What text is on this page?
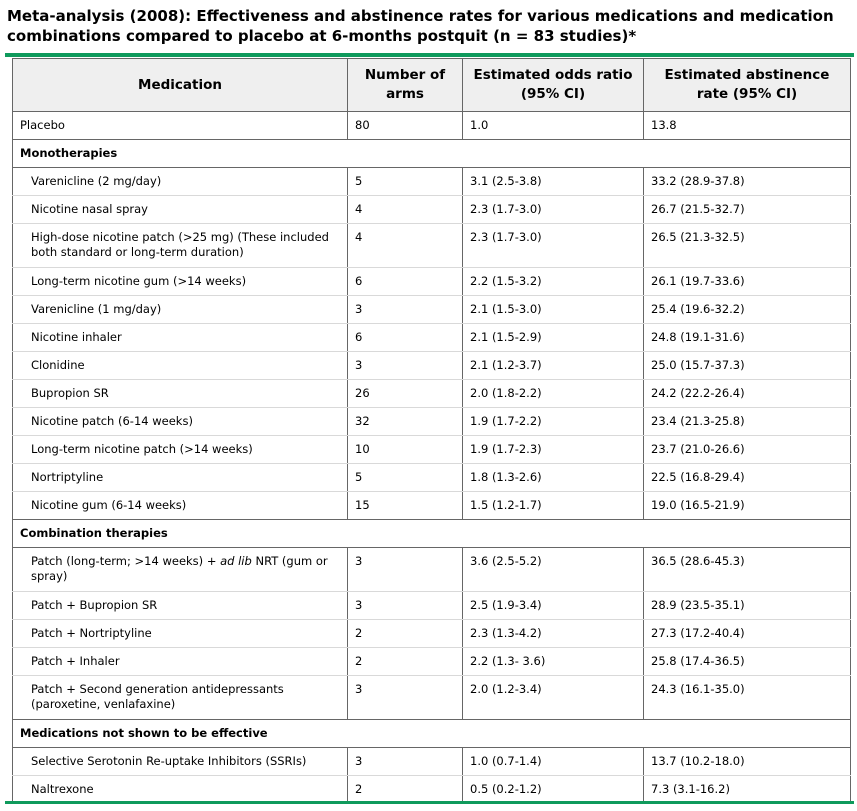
Meta-analysis (2008): Effectiveness and abstinence rates for various medications and medication combinations compared to placebo at 6-months postquit (n = 83 studies)*
Medication	Number of arms	Estimated odds ratio (95% CI)	Estimated abstinence rate (95% CI)
Placebo	80	1.0	13.8
Monotherapies			
Varenicline (2 mg/day)	5	3.1 (2.5-3.8)	33.2 (28.9-37.8)
Nicotine nasal spray	4	2.3 (1.7-3.0)	26.7 (21.5-32.7)
High-dose nicotine patch (>25 mg) (These included both standard or long-term duration)	4	2.3 (1.7-3.0)	26.5 (21.3-32.5)
Long-term nicotine gum (>14 weeks)	6	2.2 (1.5-3.2)	26.1 (19.7-33.6)
Varenicline (1 mg/day)	3	2.1 (1.5-3.0)	25.4 (19.6-32.2)
Nicotine inhaler	6	2.1 (1.5-2.9)	24.8 (19.1-31.6)
Clonidine	3	2.1 (1.2-3.7)	25.0 (15.7-37.3)
Bupropion SR	26	2.0 (1.8-2.2)	24.2 (22.2-26.4)
Nicotine patch (6-14 weeks)	32	1.9 (1.7-2.2)	23.4 (21.3-25.8)
Long-term nicotine patch (>14 weeks)	10	1.9 (1.7-2.3)	23.7 (21.0-26.6)
Nortriptyline	5	1.8 (1.3-2.6)	22.5 (16.8-29.4)
Nicotine gum (6-14 weeks)	15	1.5 (1.2-1.7)	19.0 (16.5-21.9)
Combination therapies			
Patch (long-term; >14 weeks) + ad lib NRT (gum or spray)	3	3.6 (2.5-5.2)	36.5 (28.6-45.3)
Patch + Bupropion SR	3	2.5 (1.9-3.4)	28.9 (23.5-35.1)
Patch + Nortriptyline	2	2.3 (1.3-4.2)	27.3 (17.2-40.4)
Patch + Inhaler	2	2.2 (1.3- 3.6)	25.8 (17.4-36.5)
Patch + Second generation antidepressants (paroxetine, venlafaxine)	3	2.0 (1.2-3.4)	24.3 (16.1-35.0)
Medications not shown to be effective			
Selective Serotonin Re-uptake Inhibitors (SSRIs)	3	1.0 (0.7-1.4)	13.7 (10.2-18.0)
Naltrexone	2	0.5 (0.2-1.2)	7.3 (3.1-16.2)
